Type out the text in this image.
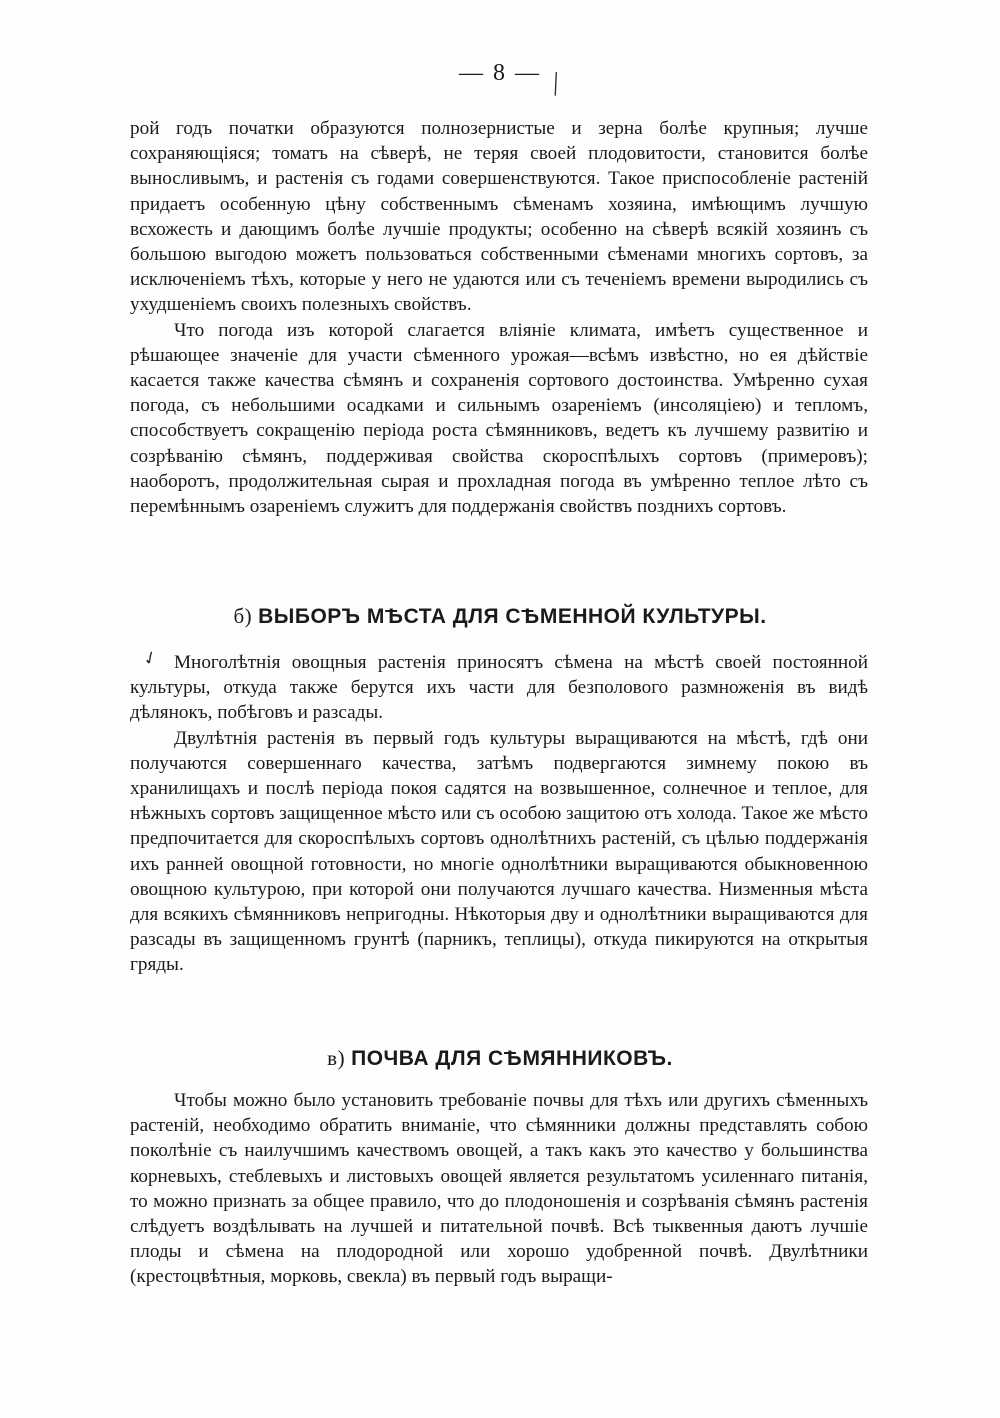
╲
✓
— 8 —

рой годъ початки образуются полнозернистые и зерна болѣе крупныя; лучше сохраняющіяся; томатъ на сѣверѣ, не теряя своей плодовитости, становится болѣе выносливымъ, и растенія съ годами совершенствуются. Такое приспособленіе растеній придаетъ особенную цѣну собственнымъ сѣменамъ хозяина, имѣющимъ лучшую всхожесть и дающимъ болѣе лучшіе продукты; особенно на сѣверѣ всякій хозяинъ съ большою выгодою можетъ пользоваться собственными сѣменами многихъ сортовъ, за исключеніемъ тѣхъ, которые у него не удаются или съ теченіемъ времени выродились съ ухудшеніемъ своихъ полезныхъ свойствъ.

Что погода изъ которой слагается вліяніе климата, имѣетъ существенное и рѣшающее значеніе для участи сѣменного урожая—всѣмъ извѣстно, но ея дѣйствіе касается также качества сѣмянъ и сохраненія сортового достоинства. Умѣренно сухая погода, съ небольшими осадками и сильнымъ озареніемъ (инсоляціею) и тепломъ, способствуетъ сокращенію періода роста сѣмянниковъ, ведетъ къ лучшему развитію и созрѣванію сѣмянъ, поддерживая свойства скороспѣлыхъ сортовъ (примеровъ); наоборотъ, продолжительная сырая и прохладная погода въ умѣренно теплое лѣто съ перемѣннымъ озареніемъ служитъ для поддержанія свойствъ позднихъ сортовъ.

б) ВЫБОРЪ МѢСТА ДЛЯ СѢМЕННОЙ КУЛЬТУРЫ.

Многолѣтнія овощныя растенія приносятъ сѣмена на мѣстѣ своей постоянной культуры, откуда также берутся ихъ части для безполового размноженія въ видѣ дѣлянокъ, побѣговъ и разсады.

Двулѣтнія растенія въ первый годъ культуры выращиваются на мѣстѣ, гдѣ они получаются совершеннаго качества, затѣмъ подвергаются зимнему покою въ хранилищахъ и послѣ періода покоя садятся на возвышенное, солнечное и теплое, для нѣжныхъ сортовъ защищенное мѣсто или съ особою защитою отъ холода. Такое же мѣсто предпочитается для скороспѣлыхъ сортовъ однолѣтнихъ растеній, съ цѣлью поддержанія ихъ ранней овощной готовности, но многіе однолѣтники выращиваются обыкновенною овощною культурою, при которой они получаются лучшаго качества. Низменныя мѣста для всякихъ сѣмянниковъ непригодны. Нѣкоторыя дву и однолѣтники выращиваются для разсады въ защищенномъ грунтѣ (парникъ, теплицы), откуда пикируются на открытыя гряды.

в) ПОЧВА ДЛЯ СѢМЯННИКОВЪ.

Чтобы можно было установить требованіе почвы для тѣхъ или другихъ сѣменныхъ растеній, необходимо обратить вниманіе, что сѣмянники должны представлять собою поколѣніе съ наилучшимъ качествомъ овощей, а такъ какъ это качество у большинства корневыхъ, стеблевыхъ и листовыхъ овощей является результатомъ усиленнаго питанія, то можно признать за общее правило, что до плодоношенія и созрѣванія сѣмянъ растенія слѣдуетъ воздѣлывать на лучшей и питательной почвѣ. Всѣ тыквенныя даютъ лучшіе плоды и сѣмена на плодородной или хорошо удобренной почвѣ. Двулѣтники (крестоцвѣтныя, морковь, свекла) въ первый годъ выращи-
